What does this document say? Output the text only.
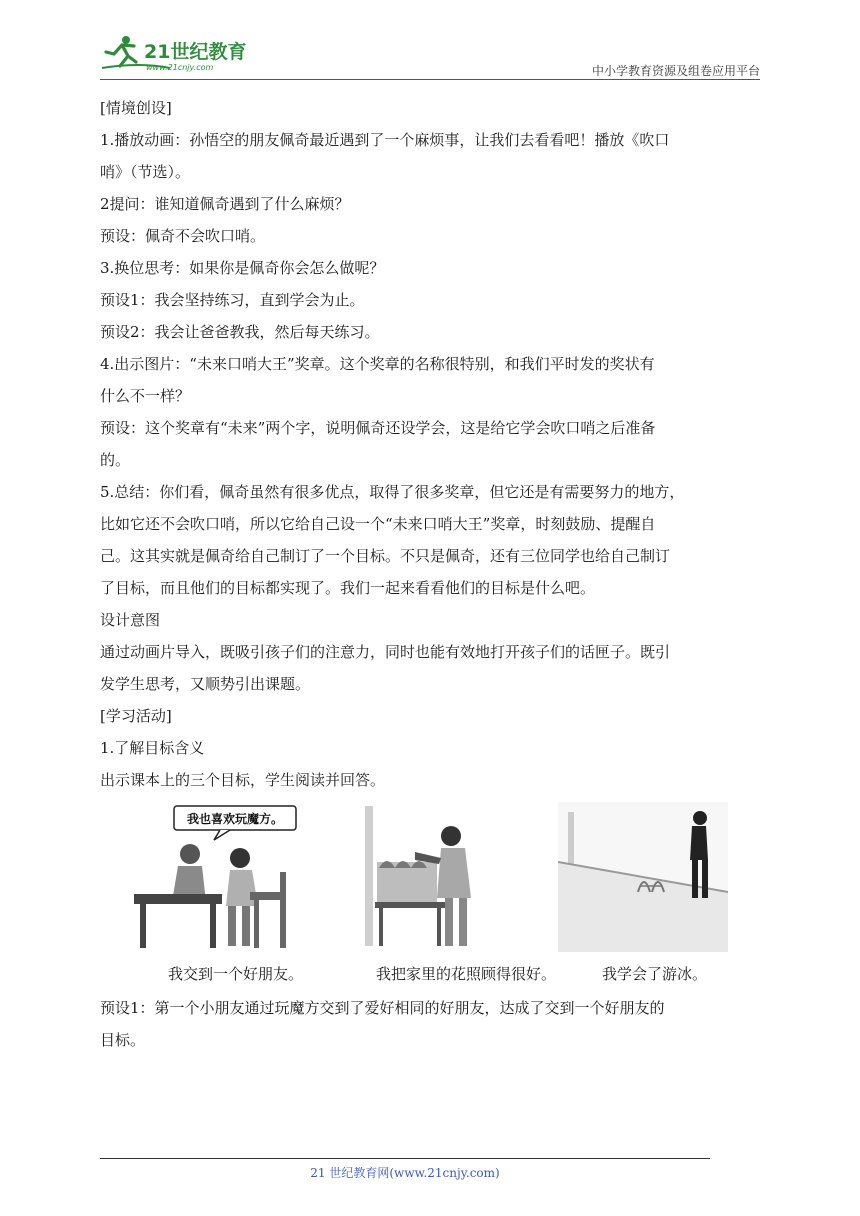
21世纪教育
www.21cnjy.com	中小学教育资源及组卷应用平台

[情境创设]

1.播放动画：孙悟空的朋友佩奇最近遇到了一个麻烦事，让我们去看看吧！播放《吹口

哨》（节选）。

2提问：谁知道佩奇遇到了什么麻烦？

预设：佩奇不会吹口哨。

3.换位思考：如果你是佩奇你会怎么做呢？

预设1：我会坚持练习，直到学会为止。

预设2：我会让爸爸教我，然后每天练习。

4.出示图片：“未来口哨大王”奖章。这个奖章的名称很特别，和我们平时发的奖状有

什么不一样？

预设：这个奖章有“未来”两个字，说明佩奇还设学会，这是给它学会吹口哨之后准备

的。

5.总结：你们看，佩奇虽然有很多优点，取得了很多奖章，但它还是有需要努力的地方，

比如它还不会吹口哨，所以它给自己设一个“未来口哨大王”奖章，时刻鼓励、提醒自

己。这其实就是佩奇给自己制订了一个目标。不只是佩奇，还有三位同学也给自己制订

了目标，而且他们的目标都实现了。我们一起来看看他们的目标是什么吧。

设计意图

通过动画片导入，既吸引孩子们的注意力，同时也能有效地打开孩子们的话匣子。既引

发学生思考，又顺势引出课题。

[学习活动]

1.了解目标含义

出示课本上的三个目标，学生阅读并回答。

我也喜欢玩魔方。
我交到一个好朋友。	我把家里的花照顾得很好。	我学会了游冰。

预设1：第一个小朋友通过玩魔方交到了爱好相同的好朋友，达成了交到一个好朋友的

目标。

21 世纪教育网(www.21cnjy.com)
